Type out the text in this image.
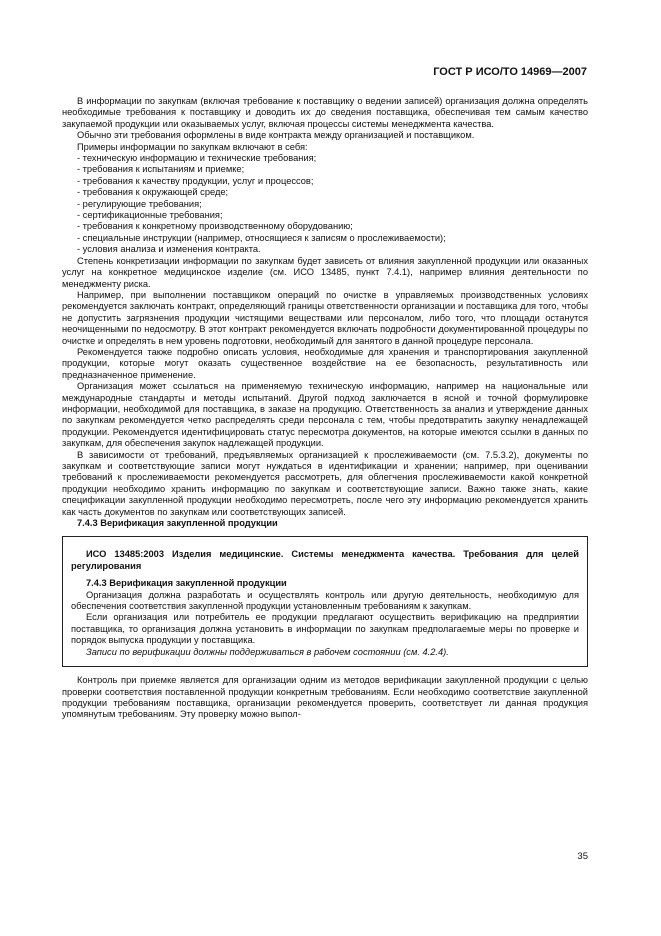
ГОСТ Р ИСО/ТО 14969—2007

В информации по закупкам (включая требование к поставщику о ведении записей) организация должна определять необходимые требования к поставщику и доводить их до сведения поставщика, обеспечивая тем самым качество закупаемой продукции или оказываемых услуг, включая процессы системы менеджмента качества.

Обычно эти требования оформлены в виде контракта между организацией и поставщиком.

Примеры информации по закупкам включают в себя:

- техническую информацию и технические требования;
- требования к испытаниям и приемке;
- требования к качеству продукции, услуг и процессов;
- требования к окружающей среде;
- регулирующие требования;
- сертификационные требования;
- требования к конкретному производственному оборудованию;
- специальные инструкции (например, относящиеся к записям о прослеживаемости);
- условия анализа и изменения контракта.

Степень конкретизации информации по закупкам будет зависеть от влияния закупленной продукции или оказанных услуг на конкретное медицинское изделие (см. ИСО 13485, пункт 7.4.1), например влияния деятельности по менеджменту риска.

Например, при выполнении поставщиком операций по очистке в управляемых производственных условиях рекомендуется заключать контракт, определяющий границы ответственности организации и поставщика для того, чтобы не допустить загрязнения продукции чистящими веществами или персоналом, либо того, что площади останутся неочищенными по недосмотру. В этот контракт рекомендуется включать подробности документированной процедуры по очистке и определять в нем уровень подготовки, необходимый для занятого в данной процедуре персонала.

Рекомендуется также подробно описать условия, необходимые для хранения и транспортирования закупленной продукции, которые могут оказать существенное воздействие на ее безопасность, результативность или предназначенное применение.

Организация может ссылаться на применяемую техническую информацию, например на национальные или международные стандарты и методы испытаний. Другой подход заключается в ясной и точной формулировке информации, необходимой для поставщика, в заказе на продукцию. Ответственность за анализ и утверждение данных по закупкам рекомендуется четко распределять среди персонала с тем, чтобы предотвратить закупку ненадлежащей продукции. Рекомендуется идентифицировать статус пересмотра документов, на которые имеются ссылки в данных по закупкам, для обеспечения закупок надлежащей продукции.

В зависимости от требований, предъявляемых организацией к прослеживаемости (см. 7.5.3.2), документы по закупкам и соответствующие записи могут нуждаться в идентификации и хранении; например, при оценивании требований к прослеживаемости рекомендуется рассмотреть, для облегчения прослеживаемости какой конкретной продукции необходимо хранить информацию по закупкам и соответствующие записи. Важно также знать, какие спецификации закупленной продукции необходимо пересмотреть, после чего эту информацию рекомендуется хранить как часть документов по закупкам или соответствующих записей.

7.4.3 Верификация закупленной продукции

ИСО 13485:2003 Изделия медицинские. Системы менеджмента качества. Требования для целей регулирования

7.4.3 Верификация закупленной продукции

Организация должна разработать и осуществлять контроль или другую деятельность, необходимую для обеспечения соответствия закупленной продукции установленным требованиям к закупкам.

Если организация или потребитель ее продукции предлагают осуществить верификацию на предприятии поставщика, то организация должна установить в информации по закупкам предполагаемые меры по проверке и порядок выпуска продукции у поставщика.

Записи по верификации должны поддерживаться в рабочем состоянии (см. 4.2.4).

Контроль при приемке является для организации одним из методов верификации закупленной продукции с целью проверки соответствия поставленной продукции конкретным требованиям. Если необходимо соответствие закупленной продукции требованиям поставщика, организации рекомендуется проверить, соответствует ли данная продукция упомянутым требованиям. Эту проверку можно выпол-

35
